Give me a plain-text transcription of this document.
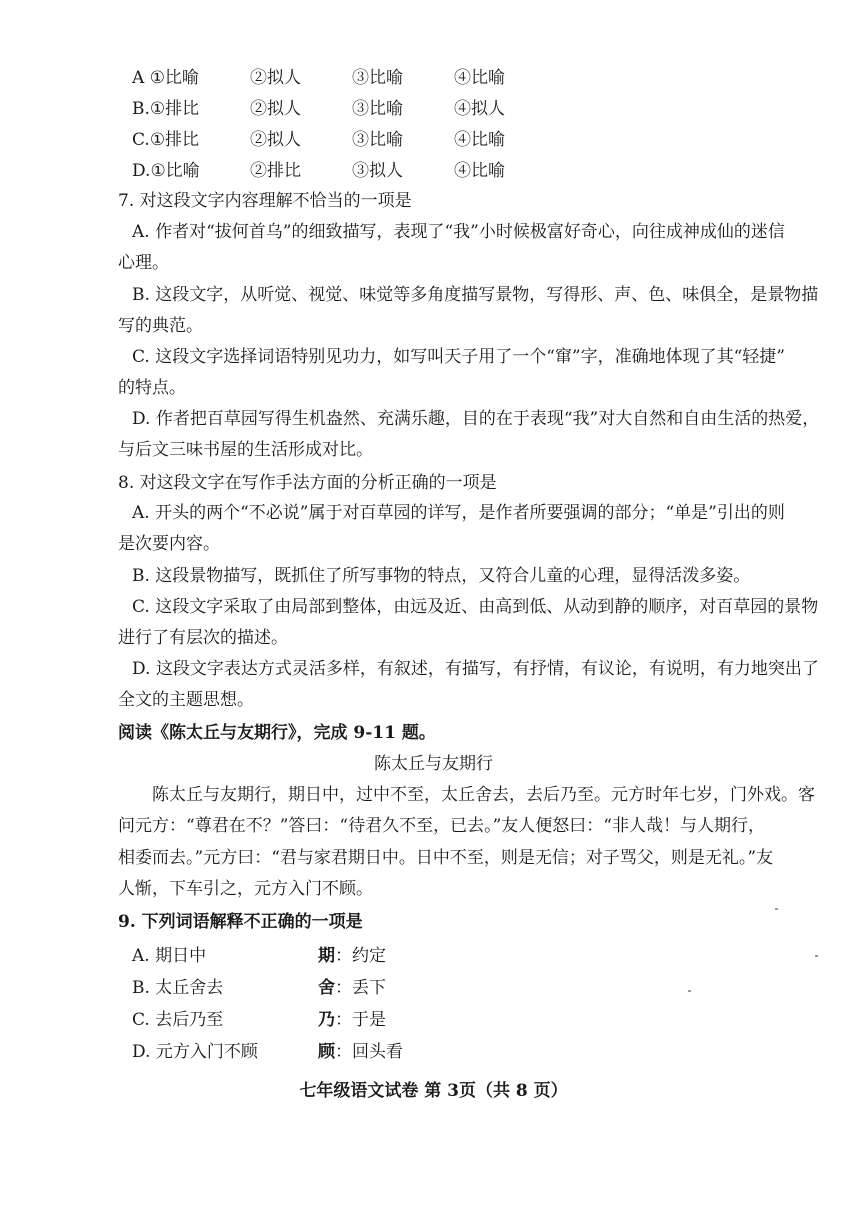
A ①比喻	②拟人	③比喻	④比喻
B.①排比	②拟人	③比喻	④拟人
C.①排比	②拟人	③比喻	④比喻
D.①比喻	②排比	③拟人	④比喻
7. 对这段文字内容理解不恰当的一项是
A. 作者对“拔何首乌”的细致描写，表现了“我”小时候极富好奇心，向往成神成仙的迷信
心理。
B. 这段文字，从听觉、视觉、味觉等多角度描写景物，写得形、声、色、味俱全，是景物描
写的典范。
C. 这段文字选择词语特别见功力，如写叫天子用了一个“窜”字，准确地体现了其“轻捷”
的特点。
D. 作者把百草园写得生机盎然、充满乐趣，目的在于表现“我”对大自然和自由生活的热爱，
与后文三味书屋的生活形成对比。
8. 对这段文字在写作手法方面的分析正确的一项是
A. 开头的两个“不必说”属于对百草园的详写，是作者所要强调的部分；“单是”引出的则
是次要内容。
B. 这段景物描写，既抓住了所写事物的特点，又符合儿童的心理，显得活泼多姿。
C. 这段文字采取了由局部到整体，由远及近、由高到低、从动到静的顺序，对百草园的景物
进行了有层次的描述。
D. 这段文字表达方式灵活多样，有叙述，有描写，有抒情，有议论，有说明，有力地突出了
全文的主题思想。
阅读《陈太丘与友期行》，完成 9-11 题。
陈太丘与友期行
陈太丘与友期行，期日中，过中不至，太丘舍去，去后乃至。元方时年七岁，门外戏。客
问元方：“尊君在不？”答曰：“待君久不至，已去。”友人便怒曰：“非人哉！与人期行，
相委而去。”元方曰：“君与家君期日中。日中不至，则是无信；对子骂父，则是无礼。”友
人惭，下车引之，元方入门不顾。
9. 下列词语解释不正确的一项是
A. 期日中	期：约定
B. 太丘舍去	舍：丢下
C. 去后乃至	乃：于是
D. 元方入门不顾	顾：回头看
七年级语文试卷 第 3页（共 8 页）
